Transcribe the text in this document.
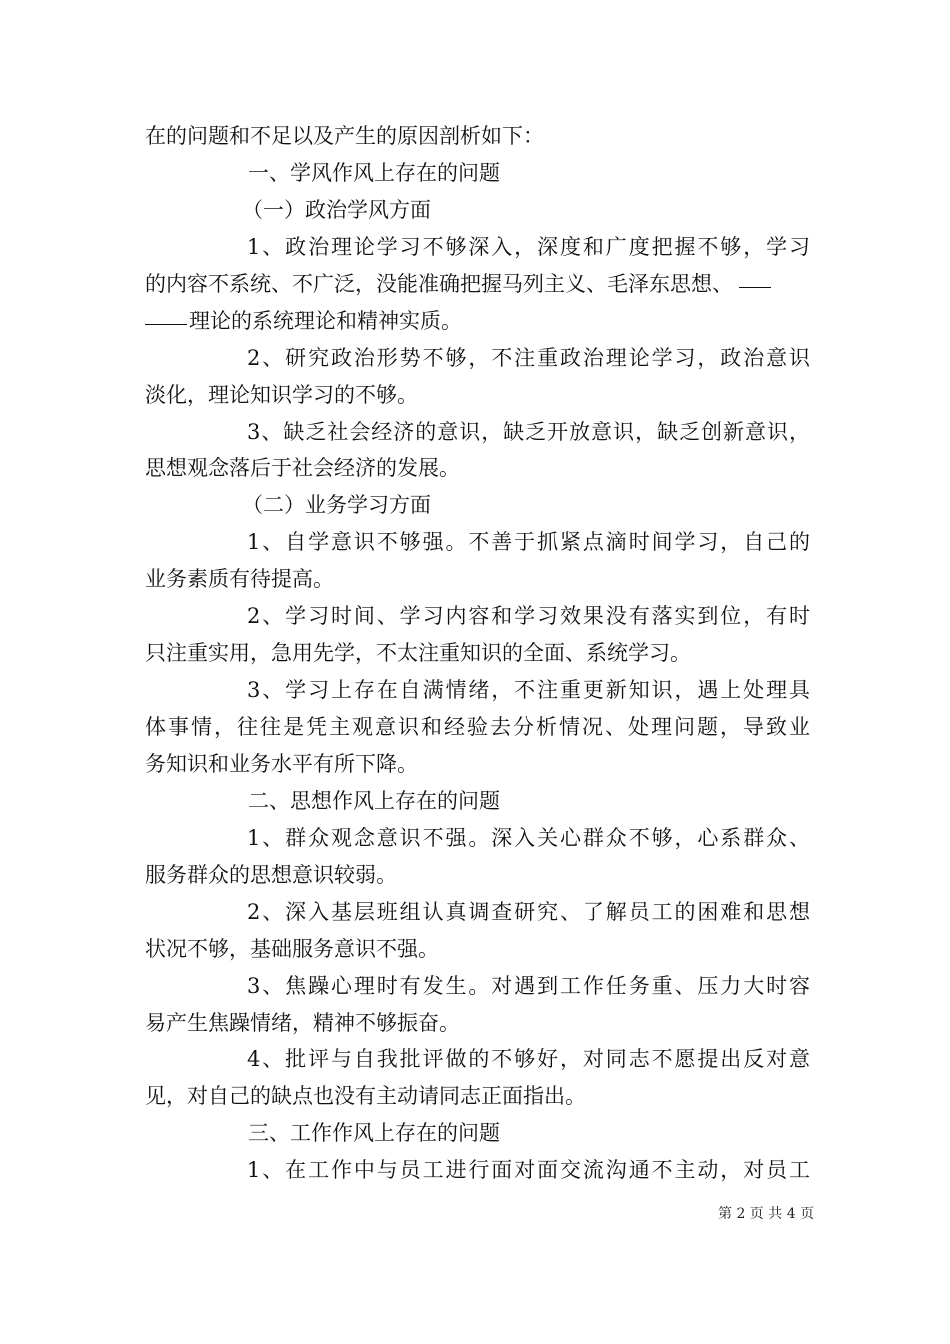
在的问题和不足以及产生的原因剖析如下：
一、学风作风上存在的问题
（一）政治学风方面
1、政治理论学习不够深入，深度和广度把握不够，学习
的内容不系统、不广泛，没能准确把握马列主义、毛泽东思想、
理论的系统理论和精神实质。
2、研究政治形势不够，不注重政治理论学习，政治意识
淡化，理论知识学习的不够。
3、缺乏社会经济的意识，缺乏开放意识，缺乏创新意识，
思想观念落后于社会经济的发展。
（二）业务学习方面
1、自学意识不够强。不善于抓紧点滴时间学习，自己的
业务素质有待提高。
2、学习时间、学习内容和学习效果没有落实到位，有时
只注重实用，急用先学，不太注重知识的全面、系统学习。
3、学习上存在自满情绪，不注重更新知识，遇上处理具
体事情，往往是凭主观意识和经验去分析情况、处理问题，导致业
务知识和业务水平有所下降。
二、思想作风上存在的问题
1、群众观念意识不强。深入关心群众不够，心系群众、
服务群众的思想意识较弱。
2、深入基层班组认真调查研究、了解员工的困难和思想
状况不够，基础服务意识不强。
3、焦躁心理时有发生。对遇到工作任务重、压力大时容
易产生焦躁情绪，精神不够振奋。
4、批评与自我批评做的不够好，对同志不愿提出反对意
见，对自己的缺点也没有主动请同志正面指出。
三、工作作风上存在的问题
1、在工作中与员工进行面对面交流沟通不主动，对员工
第 2 页 共 4 页
